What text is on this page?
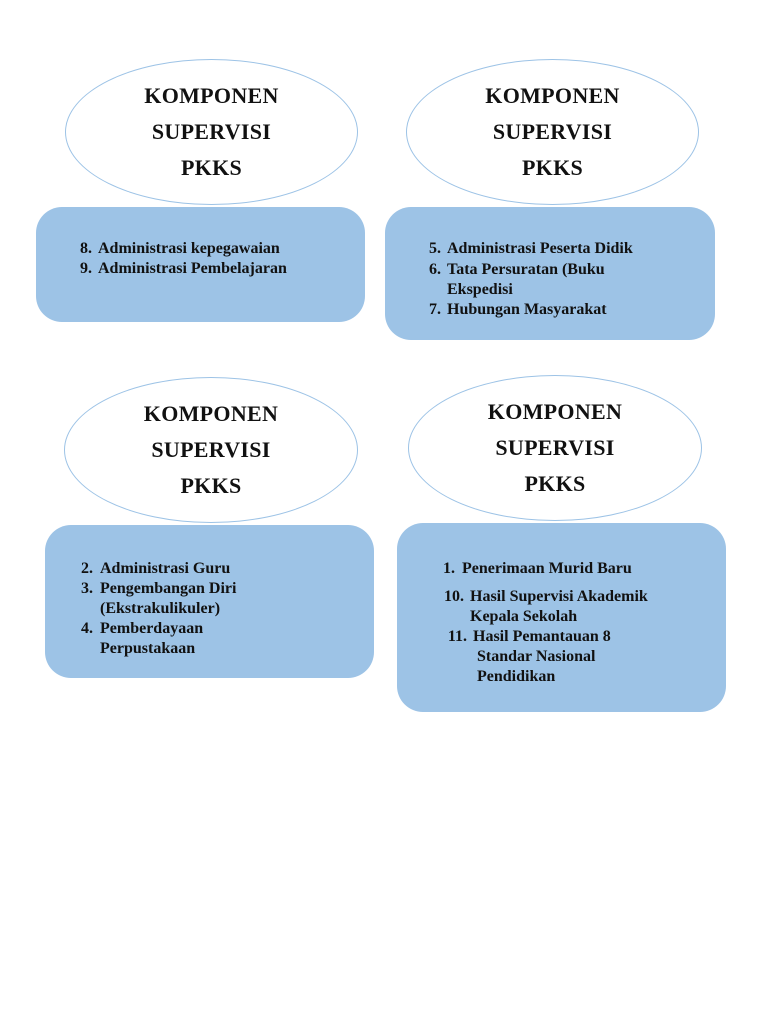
KOMPONEN
SUPERVISI
PKKS
8. Administrasi kepegawaian
9. Administrasi Pembelajaran
KOMPONEN
SUPERVISI
PKKS
5. Administrasi Peserta Didik
6. Tata Persuratan (Buku
Ekspedisi
7. Hubungan Masyarakat
KOMPONEN
SUPERVISI
PKKS
2. Administrasi Guru
3. Pengembangan Diri
(Ekstrakulikuler)
4. Pemberdayaan
Perpustakaan
KOMPONEN
SUPERVISI
PKKS
1. Penerimaan Murid Baru
10. Hasil Supervisi Akademik
Kepala Sekolah
11. Hasil Pemantauan 8
Standar Nasional
Pendidikan
